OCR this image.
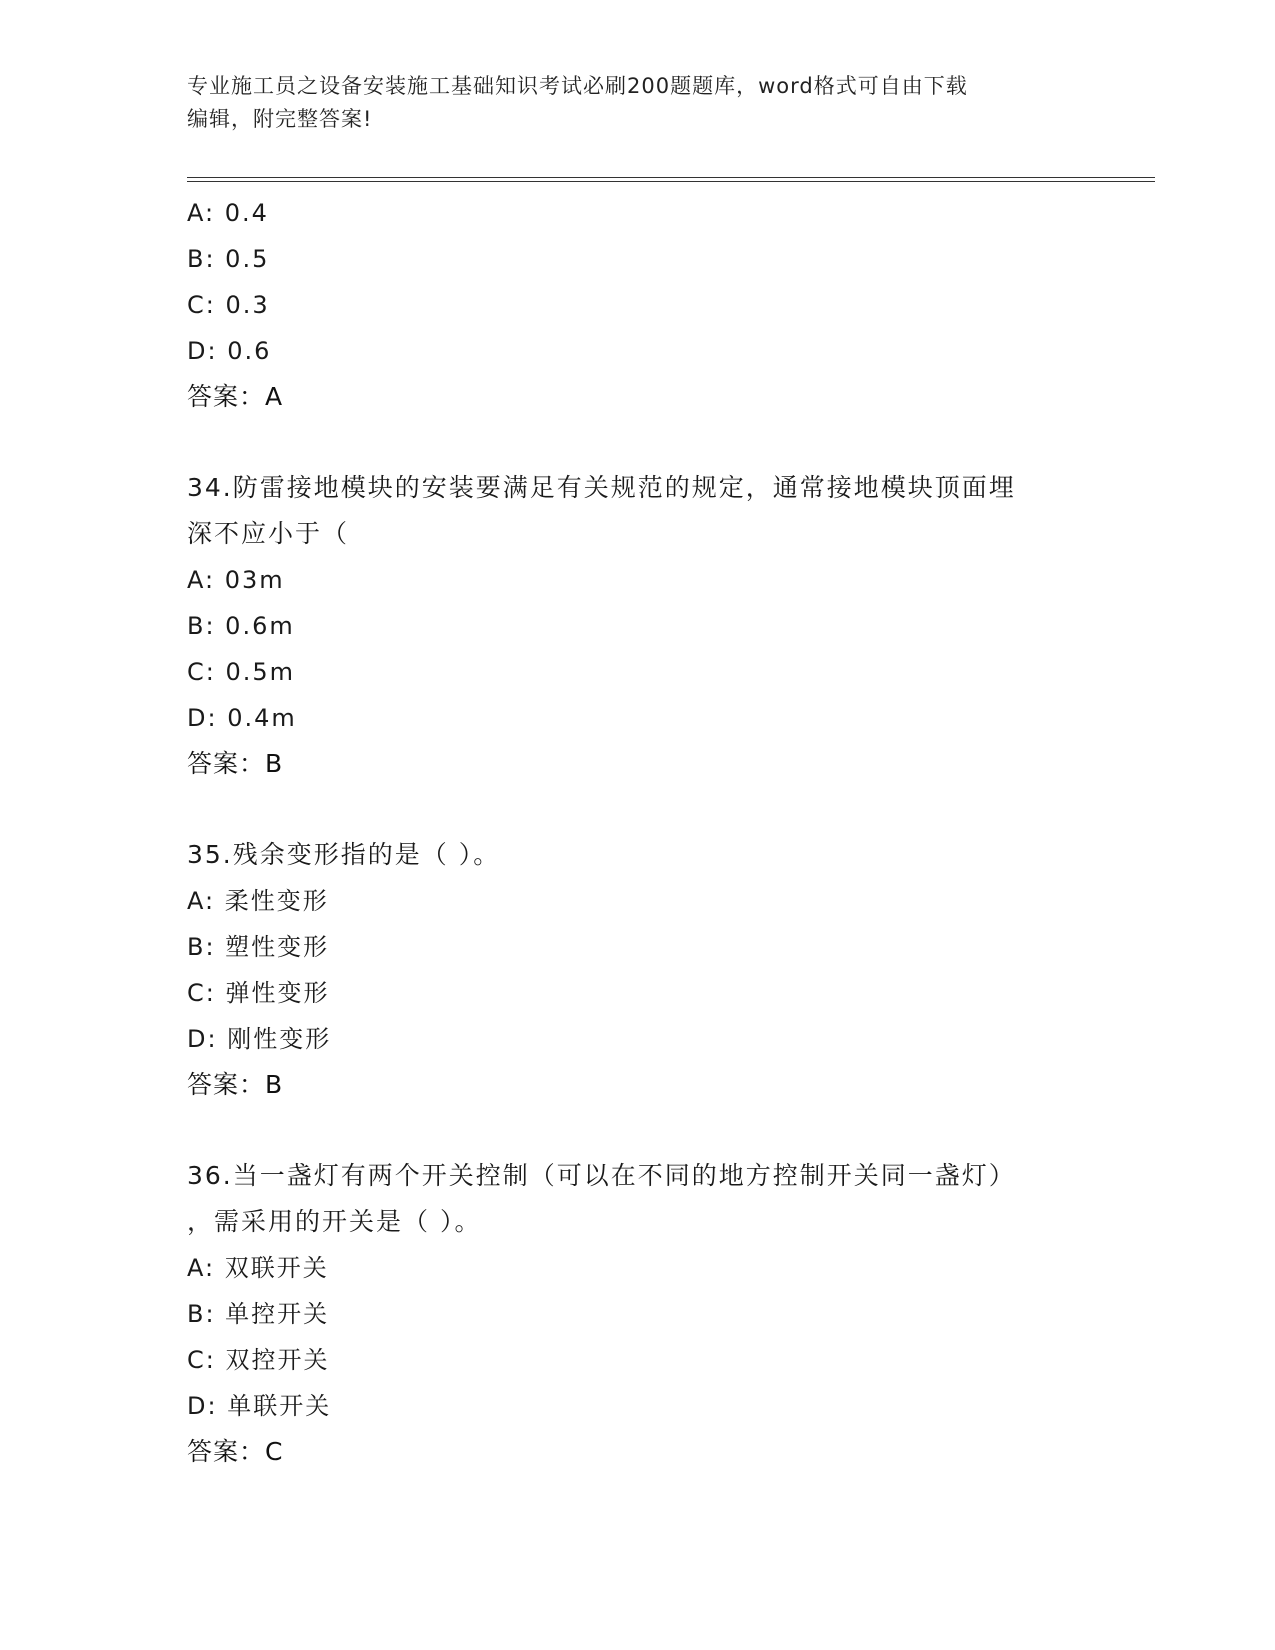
专业施工员之设备安装施工基础知识考试必刷200题题库，word格式可自由下载
编辑，附完整答案!
A: 0.4
B: 0.5
C: 0.3
D: 0.6
答案：A
34.防雷接地模块的安装要满足有关规范的规定，通常接地模块顶面埋
深不应小于（
A: 03m
B: 0.6m
C: 0.5m
D: 0.4m
答案：B
35.残余变形指的是（ ）。
A: 柔性变形
B: 塑性变形
C: 弹性变形
D: 刚性变形
答案：B
36.当一盏灯有两个开关控制（可以在不同的地方控制开关同一盏灯）
，需采用的开关是（ ）。
A: 双联开关
B: 单控开关
C: 双控开关
D: 单联开关
答案：C
